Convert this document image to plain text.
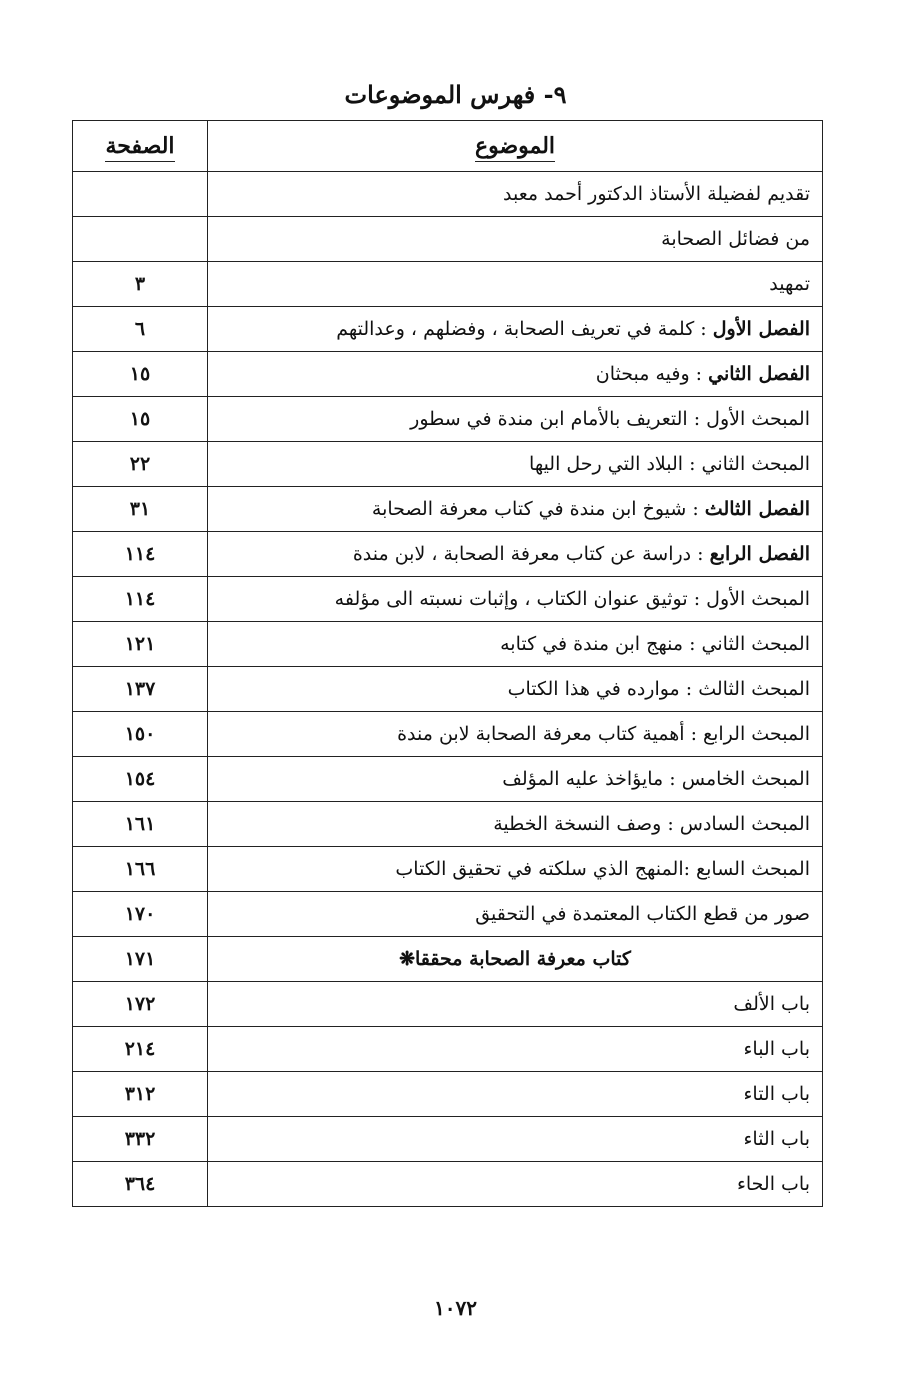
٩- فهرس الموضوعات
الموضوع	الصفحة
تقديم لفضيلة الأستاذ الدكتور أحمد معبد	
من فضائل الصحابة	
تمهيد	٣
الفصل الأول : كلمة في تعريف الصحابة ، وفضلهم ، وعدالتهم	٦
الفصل الثاني : وفيه مبحثان	١٥
المبحث الأول : التعريف بالأمام ابن مندة في سطور	١٥
المبحث الثاني : البلاد التي رحل اليها	٢٢
الفصل الثالث : شيوخ ابن مندة في كتاب معرفة الصحابة	٣١
الفصل الرابع : دراسة عن كتاب معرفة الصحابة ، لابن مندة	١١٤
المبحث الأول : توثيق عنوان الكتاب ، وإثبات نسبته الى مؤلفه	١١٤
المبحث الثاني : منهج ابن مندة في كتابه	١٢١
المبحث الثالث : موارده في هذا الكتاب	١٣٧
المبحث الرابع : أهمية كتاب معرفة الصحابة لابن مندة	١٥٠
المبحث الخامس : مايؤاخذ عليه المؤلف	١٥٤
المبحث السادس : وصف النسخة الخطية	١٦١
المبحث السابع :المنهج الذي سلكته في تحقيق الكتاب	١٦٦
صور من قطع الكتاب المعتمدة في التحقيق	١٧٠
كتاب معرفة الصحابة محققا❋	١٧١
باب الألف	١٧٢
باب الباء	٢١٤
باب التاء	٣١٢
باب الثاء	٣٣٢
باب الحاء	٣٦٤
١٠٧٢
